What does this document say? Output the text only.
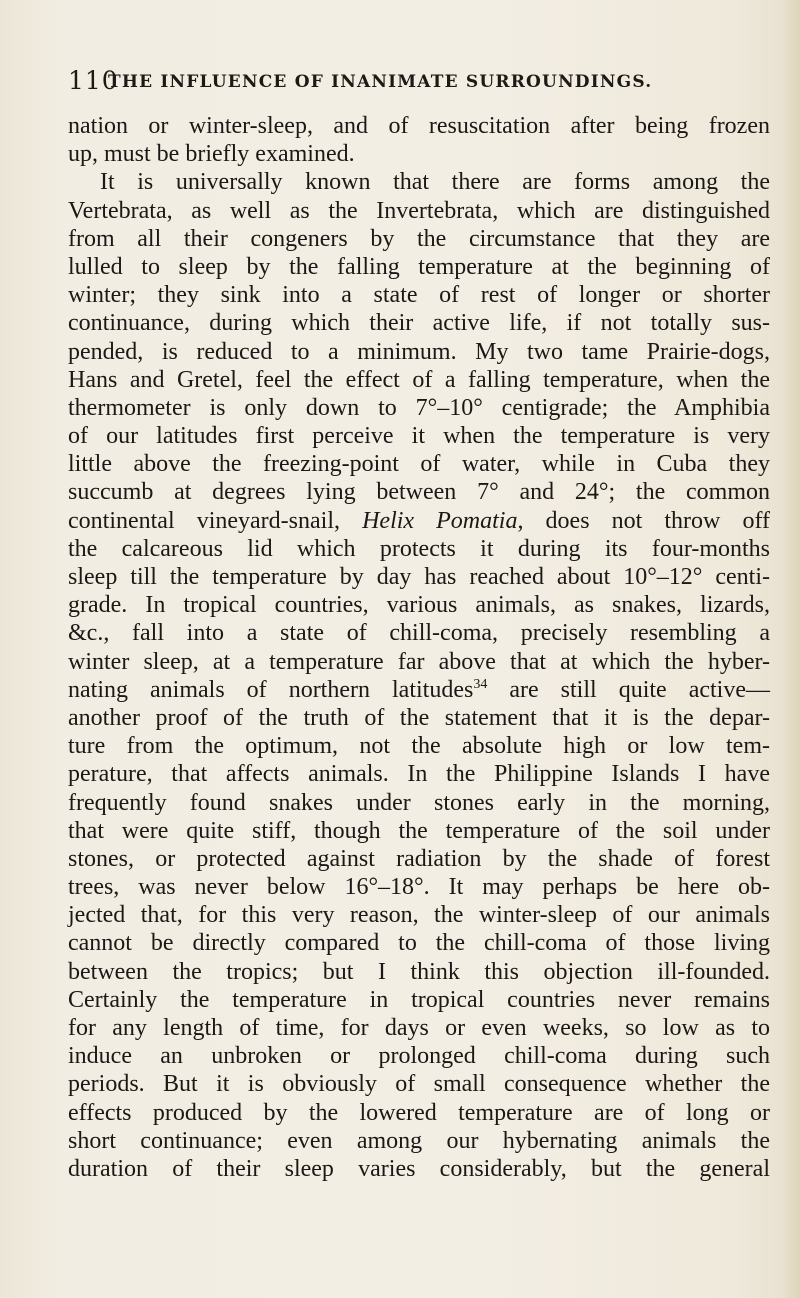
110
THE INFLUENCE OF INANIMATE SURROUNDINGS.
nation or winter-sleep, and of resuscitation after being frozen
up, must be briefly examined.
It is universally known that there are forms among the
Vertebrata, as well as the Invertebrata, which are distinguished
from all their congeners by the circumstance that they are
lulled to sleep by the falling temperature at the beginning of
winter; they sink into a state of rest of longer or shorter
continuance, during which their active life, if not totally sus-
pended, is reduced to a minimum. My two tame Prairie-dogs,
Hans and Gretel, feel the effect of a falling temperature, when the
thermometer is only down to 7°–10° centigrade; the Amphibia
of our latitudes first perceive it when the temperature is very
little above the freezing-point of water, while in Cuba they
succumb at degrees lying between 7° and 24°; the common
continental vineyard-snail, Helix Pomatia, does not throw off
the calcareous lid which protects it during its four-months
sleep till the temperature by day has reached about 10°–12° centi-
grade. In tropical countries, various animals, as snakes, lizards,
&c., fall into a state of chill-coma, precisely resembling a
winter sleep, at a temperature far above that at which the hyber-
nating animals of northern latitudes$^{34}$ are still quite active—
another proof of the truth of the statement that it is the depar-
ture from the optimum, not the absolute high or low tem-
perature, that affects animals. In the Philippine Islands I have
frequently found snakes under stones early in the morning,
that were quite stiff, though the temperature of the soil under
stones, or protected against radiation by the shade of forest
trees, was never below 16°–18°. It may perhaps be here ob-
jected that, for this very reason, the winter-sleep of our animals
cannot be directly compared to the chill-coma of those living
between the tropics; but I think this objection ill-founded.
Certainly the temperature in tropical countries never remains
for any length of time, for days or even weeks, so low as to
induce an unbroken or prolonged chill-coma during such
periods. But it is obviously of small consequence whether the
effects produced by the lowered temperature are of long or
short continuance; even among our hybernating animals the
duration of their sleep varies considerably, but the general
